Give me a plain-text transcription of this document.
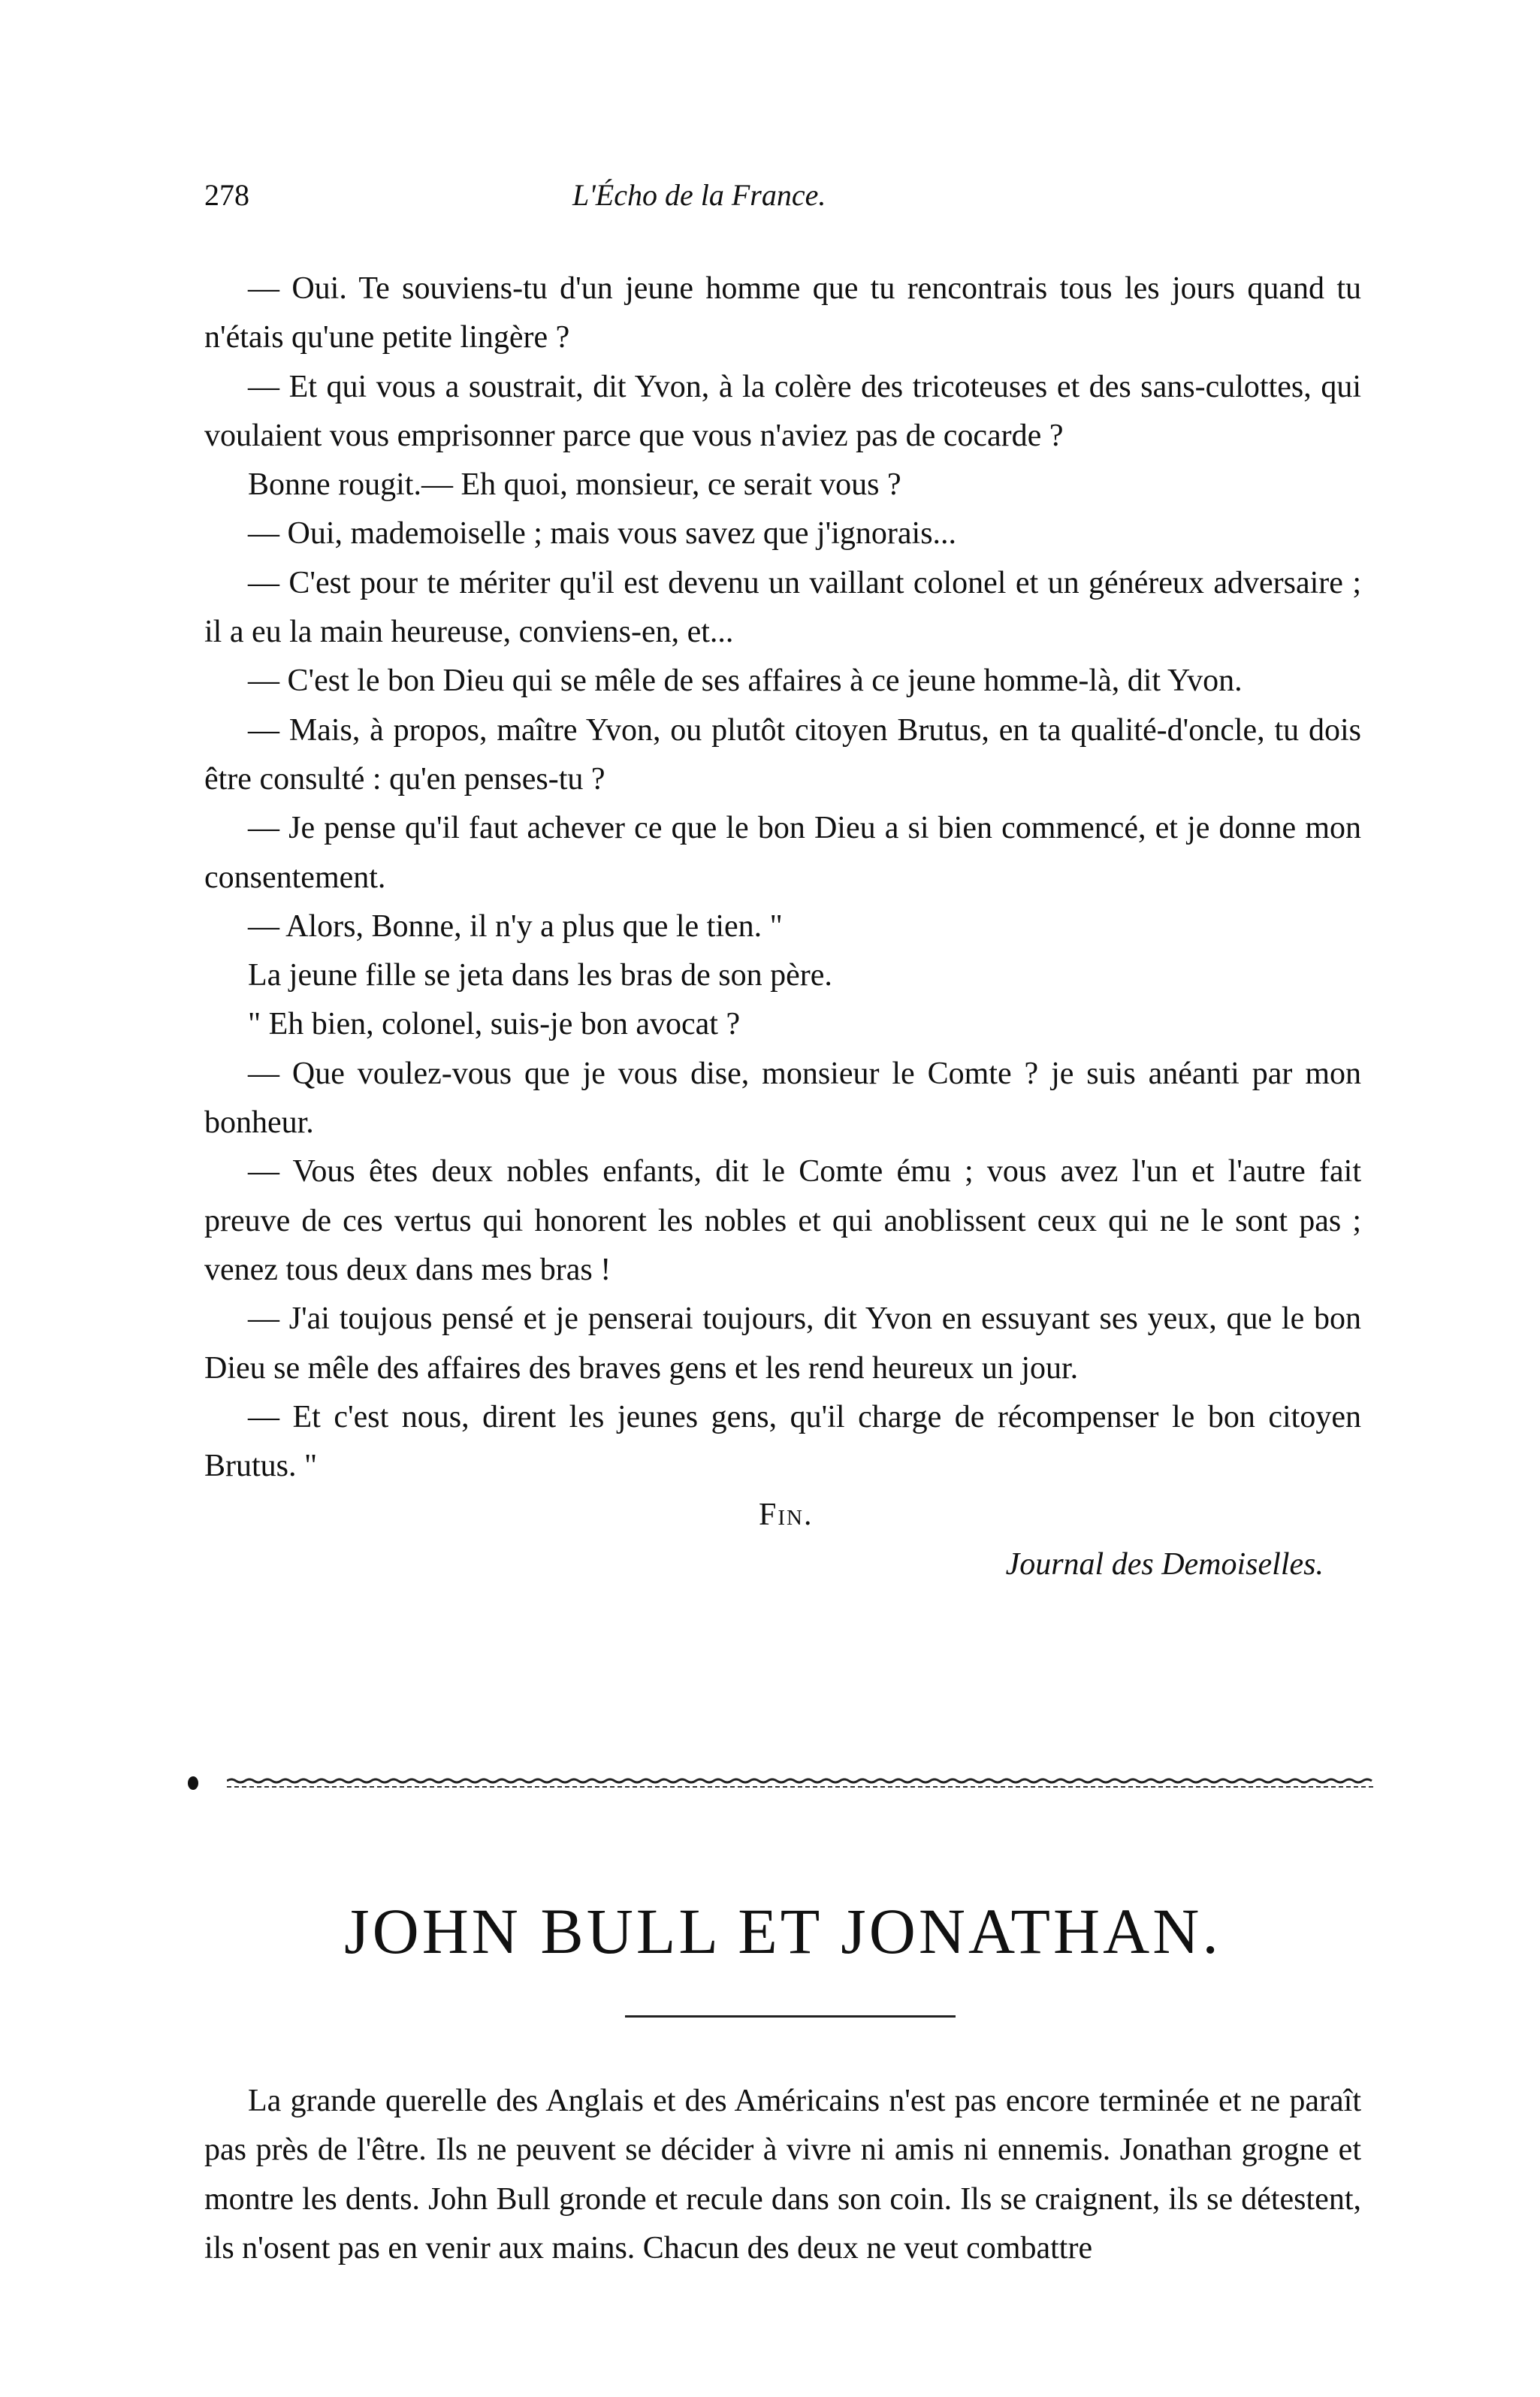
278	L'Écho de la France.

— Oui. Te souviens-tu d'un jeune homme que tu rencontrais tous les jours quand tu n'étais qu'une petite lingère ?

— Et qui vous a soustrait, dit Yvon, à la colère des tricoteuses et des sans-culottes, qui voulaient vous emprisonner parce que vous n'aviez pas de cocarde ?

Bonne rougit.— Eh quoi, monsieur, ce serait vous ?

— Oui, mademoiselle ; mais vous savez que j'ignorais...

— C'est pour te mériter qu'il est devenu un vaillant colonel et un généreux adversaire ; il a eu la main heureuse, conviens-en, et...

— C'est le bon Dieu qui se mêle de ses affaires à ce jeune homme-là, dit Yvon.

— Mais, à propos, maître Yvon, ou plutôt citoyen Brutus, en ta qualité-d'oncle, tu dois être consulté : qu'en penses-tu ?

— Je pense qu'il faut achever ce que le bon Dieu a si bien commencé, et je donne mon consentement.

— Alors, Bonne, il n'y a plus que le tien. "

La jeune fille se jeta dans les bras de son père.

" Eh bien, colonel, suis-je bon avocat ?

— Que voulez-vous que je vous dise, monsieur le Comte ? je suis anéanti par mon bonheur.

— Vous êtes deux nobles enfants, dit le Comte ému ; vous avez l'un et l'autre fait preuve de ces vertus qui honorent les nobles et qui anoblissent ceux qui ne le sont pas ; venez tous deux dans mes bras !

— J'ai toujous pensé et je penserai toujours, dit Yvon en essuyant ses yeux, que le bon Dieu se mêle des affaires des braves gens et les rend heureux un jour.

— Et c'est nous, dirent les jeunes gens, qu'il charge de récompenser le bon citoyen Brutus. "

Fin.

Journal des Demoiselles.

JOHN BULL ET JONATHAN.

La grande querelle des Anglais et des Américains n'est pas encore terminée et ne paraît pas près de l'être. Ils ne peuvent se décider à vivre ni amis ni ennemis. Jonathan grogne et montre les dents. John Bull gronde et recule dans son coin. Ils se craignent, ils se détestent, ils n'osent pas en venir aux mains. Chacun des deux ne veut combattre
